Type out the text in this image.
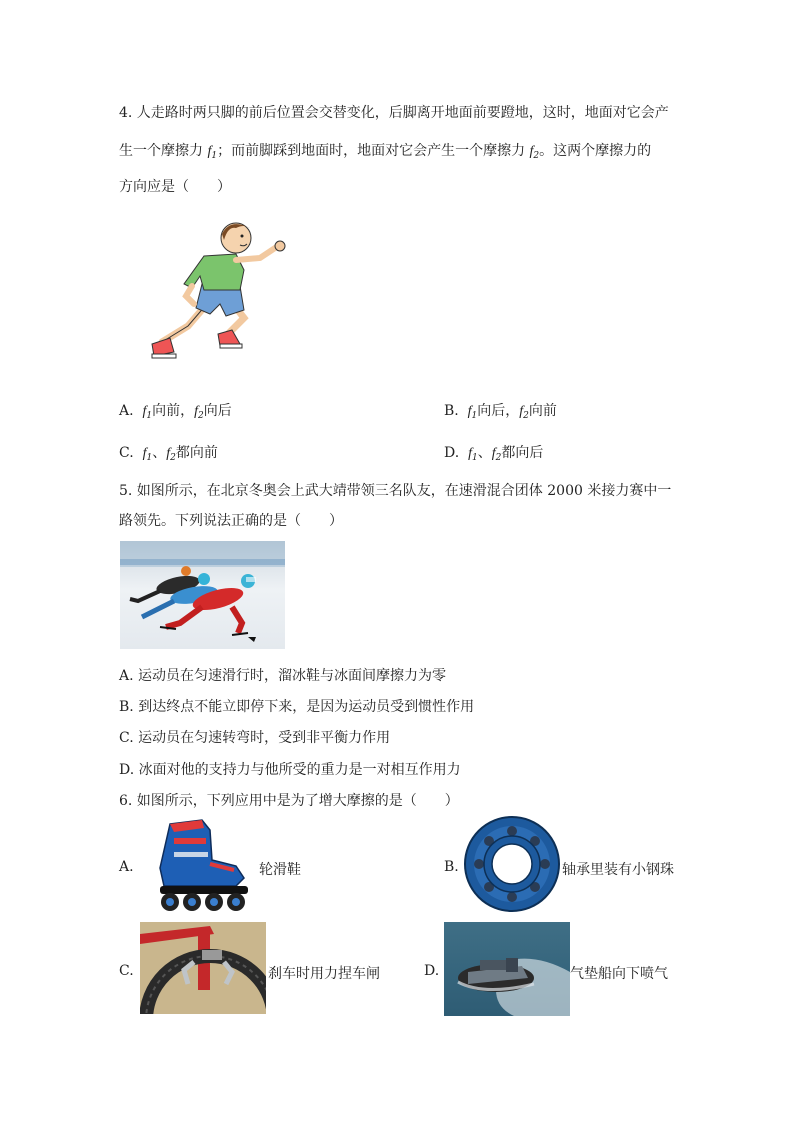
4. 人走路时两只脚的前后位置会交替变化，后脚离开地面前要蹬地，这时，地面对它会产
生一个摩擦力 $f_1$；而前脚踩到地面时，地面对它会产生一个摩擦力 $f_2$。这两个摩擦力的
方向应是（　　）
A. $f_1$向前，$f_2$向后	B. $f_1$向后，$f_2$向前
C. $f_1$、$f_2$都向前	D. $f_1$、$f_2$都向后
5. 如图所示，在北京冬奥会上武大靖带领三名队友，在速滑混合团体 2000 米接力赛中一
路领先。下列说法正确的是（　　）
A. 运动员在匀速滑行时，溜冰鞋与冰面间摩擦力为零
B. 到达终点不能立即停下来，是因为运动员受到惯性作用
C. 运动员在匀速转弯时，受到非平衡力作用
D. 冰面对他的支持力与他所受的重力是一对相互作用力
6. 如图所示，下列应用中是为了增大摩擦的是（　　）
A.	轮滑鞋	B.	轴承里装有小钢珠
C.	刹车时用力捏车闸	D.	气垫船向下喷气
